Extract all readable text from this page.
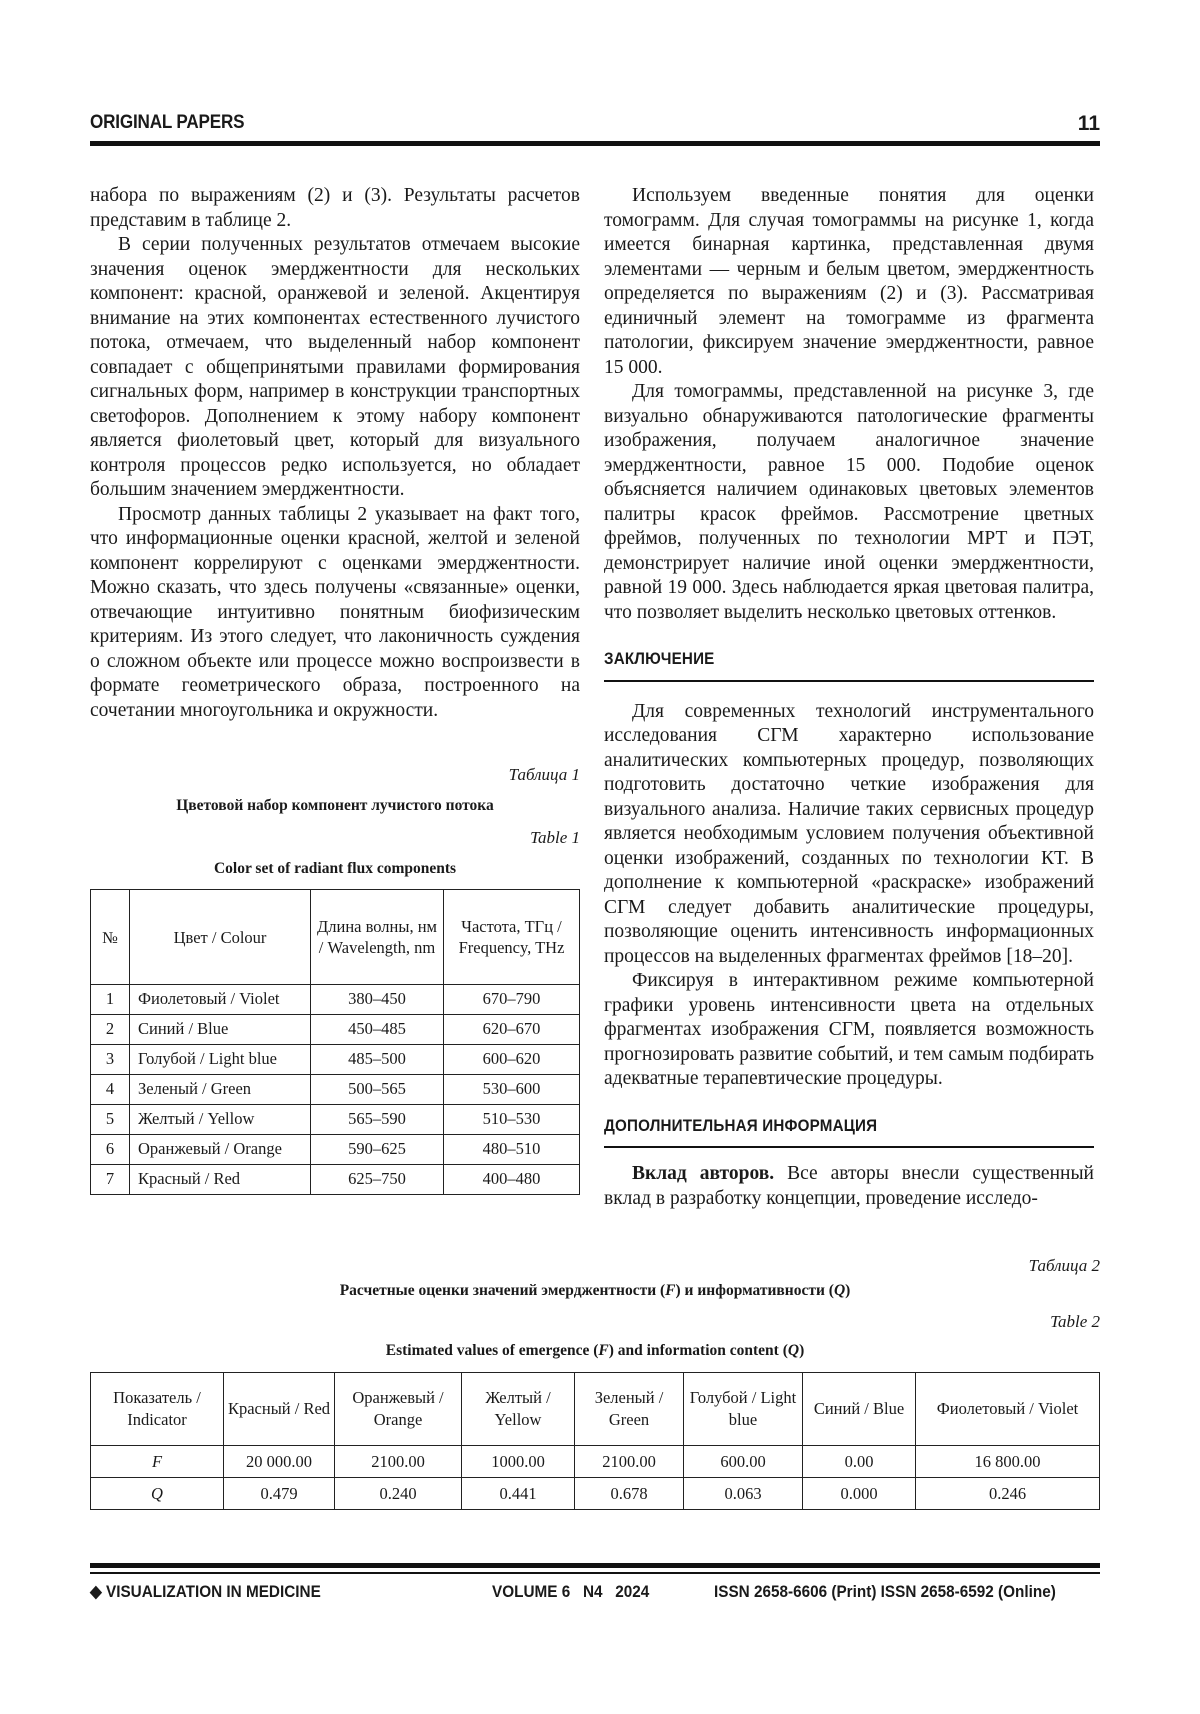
ORIGINAL PAPERS	11

набора по выражениям (2) и (3). Результаты расчетов представим в таблице 2.

В серии полученных результатов отмечаем высокие значения оценок эмерджентности для нескольких компонент: красной, оранжевой и зеленой. Акцентируя внимание на этих компонентах естественного лучистого потока, отмечаем, что выделенный набор компонент совпадает с общепринятыми правилами формирования сигнальных форм, например в конструкции транспортных светофоров. Дополнением к этому набору компонент является фиолетовый цвет, который для визуального контроля процессов редко используется, но обладает большим значением эмерджентности.

Просмотр данных таблицы 2 указывает на факт того, что информационные оценки красной, желтой и зеленой компонент коррелируют с оценками эмерджентности. Можно сказать, что здесь получены «связанные» оценки, отвечающие интуитивно понятным биофизическим критериям. Из этого следует, что лаконичность суждения о сложном объекте или процессе можно воспроизвести в формате геометрического образа, построенного на сочетании многоугольника и окружности.

Таблица 1
Цветовой набор компонент лучистого потока
Table 1
Color set of radiant flux components
№	Цвет / Colour	Длина волны, нм / Wavelength, nm	Частота, ТГц / Frequency, THz
1	Фиолетовый / Violet	380–450	670–790
2	Синий / Blue	450–485	620–670
3	Голубой / Light blue	485–500	600–620
4	Зеленый / Green	500–565	530–600
5	Желтый / Yellow	565–590	510–530
6	Оранжевый / Orange	590–625	480–510
7	Красный / Red	625–750	400–480

Используем введенные понятия для оценки томограмм. Для случая томограммы на рисунке 1, когда имеется бинарная картинка, представленная двумя элементами — черным и белым цветом, эмерджентность определяется по выражениям (2) и (3). Рассматривая единичный элемент на томограмме из фрагмента патологии, фиксируем значение эмерджентности, равное 15 000.

Для томограммы, представленной на рисунке 3, где визуально обнаруживаются патологические фрагменты изображения, получаем аналогичное значение эмерджентности, равное 15 000. Подобие оценок объясняется наличием одинаковых цветовых элементов палитры красок фреймов. Рассмотрение цветных фреймов, полученных по технологии МРТ и ПЭТ, демонстрирует наличие иной оценки эмерджентности, равной 19 000. Здесь наблюдается яркая цветовая палитра, что позволяет выделить несколько цветовых оттенков.

ЗАКЛЮЧЕНИЕ

Для современных технологий инструментального исследования СГМ характерно использование аналитических компьютерных процедур, позволяющих подготовить достаточно четкие изображения для визуального анализа. Наличие таких сервисных процедур является необходимым условием получения объективной оценки изображений, созданных по технологии КТ. В дополнение к компьютерной «раскраске» изображений СГМ следует добавить аналитические процедуры, позволяющие оценить интенсивность информационных процессов на выделенных фрагментах фреймов [18–20].

Фиксируя в интерактивном режиме компьютерной графики уровень интенсивности цвета на отдельных фрагментах изображения СГМ, появляется возможность прогнозировать развитие событий, и тем самым подбирать адекватные терапевтические процедуры.

ДОПОЛНИТЕЛЬНАЯ ИНФОРМАЦИЯ

Вклад авторов. Все авторы внесли существенный вклад в разработку концепции, проведение исследо-

Таблица 2
Расчетные оценки значений эмерджентности (F) и информативности (Q)
Table 2
Estimated values of emergence (F) and information content (Q)
Показатель / Indicator	Красный / Red	Оранжевый / Orange	Желтый / Yellow	Зеленый / Green	Голубой / Light blue	Синий / Blue	Фиолетовый / Violet
F	20 000.00	2100.00	1000.00	2100.00	600.00	0.00	16 800.00
Q	0.479	0.240	0.441	0.678	0.063	0.000	0.246
◆ VISUALIZATION IN MEDICINE	VOLUME 6   N4   2024	ISSN 2658-6606 (Print) ISSN 2658-6592 (Online)
